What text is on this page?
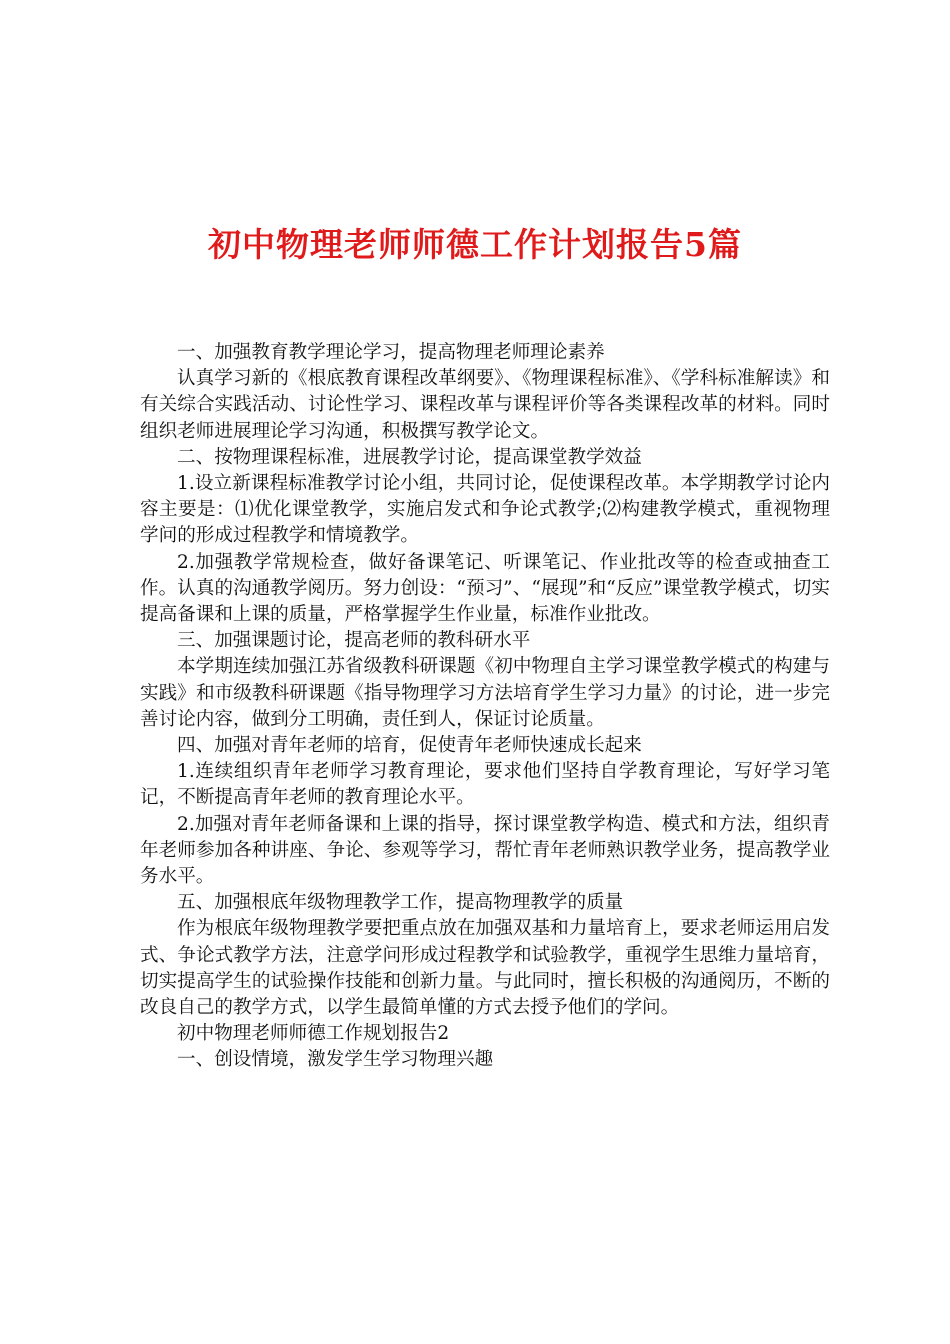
初中物理老师师德工作计划报告5篇

一、加强教育教学理论学习，提高物理老师理论素养

认真学习新的《根底教育课程改革纲要》、《物理课程标准》、《学科标准解读》和有关综合实践活动、讨论性学习、课程改革与课程评价等各类课程改革的材料。同时组织老师进展理论学习沟通，积极撰写教学论文。

二、按物理课程标准，进展教学讨论，提高课堂教学效益

1.设立新课程标准教学讨论小组，共同讨论，促使课程改革。本学期教学讨论内容主要是：⑴优化课堂教学，实施启发式和争论式教学;⑵构建教学模式，重视物理学问的形成过程教学和情境教学。

2.加强教学常规检查，做好备课笔记、听课笔记、作业批改等的检查或抽查工作。认真的沟通教学阅历。努力创设：“预习”、“展现”和“反应”课堂教学模式，切实提高备课和上课的质量，严格掌握学生作业量，标准作业批改。

三、加强课题讨论，提高老师的教科研水平

本学期连续加强江苏省级教科研课题《初中物理自主学习课堂教学模式的构建与实践》和市级教科研课题《指导物理学习方法培育学生学习力量》的讨论，进一步完善讨论内容，做到分工明确，责任到人，保证讨论质量。

四、加强对青年老师的培育，促使青年老师快速成长起来

1.连续组织青年老师学习教育理论，要求他们坚持自学教育理论，写好学习笔记，不断提高青年老师的教育理论水平。

2.加强对青年老师备课和上课的指导，探讨课堂教学构造、模式和方法，组织青年老师参加各种讲座、争论、参观等学习，帮忙青年老师熟识教学业务，提高教学业务水平。

五、加强根底年级物理教学工作，提高物理教学的质量

作为根底年级物理教学要把重点放在加强双基和力量培育上，要求老师运用启发式、争论式教学方法，注意学问形成过程教学和试验教学，重视学生思维力量培育，切实提高学生的试验操作技能和创新力量。与此同时，擅长积极的沟通阅历，不断的改良自己的教学方式，以学生最简单懂的方式去授予他们的学问。

初中物理老师师德工作规划报告2

一、创设情境，激发学生学习物理兴趣
